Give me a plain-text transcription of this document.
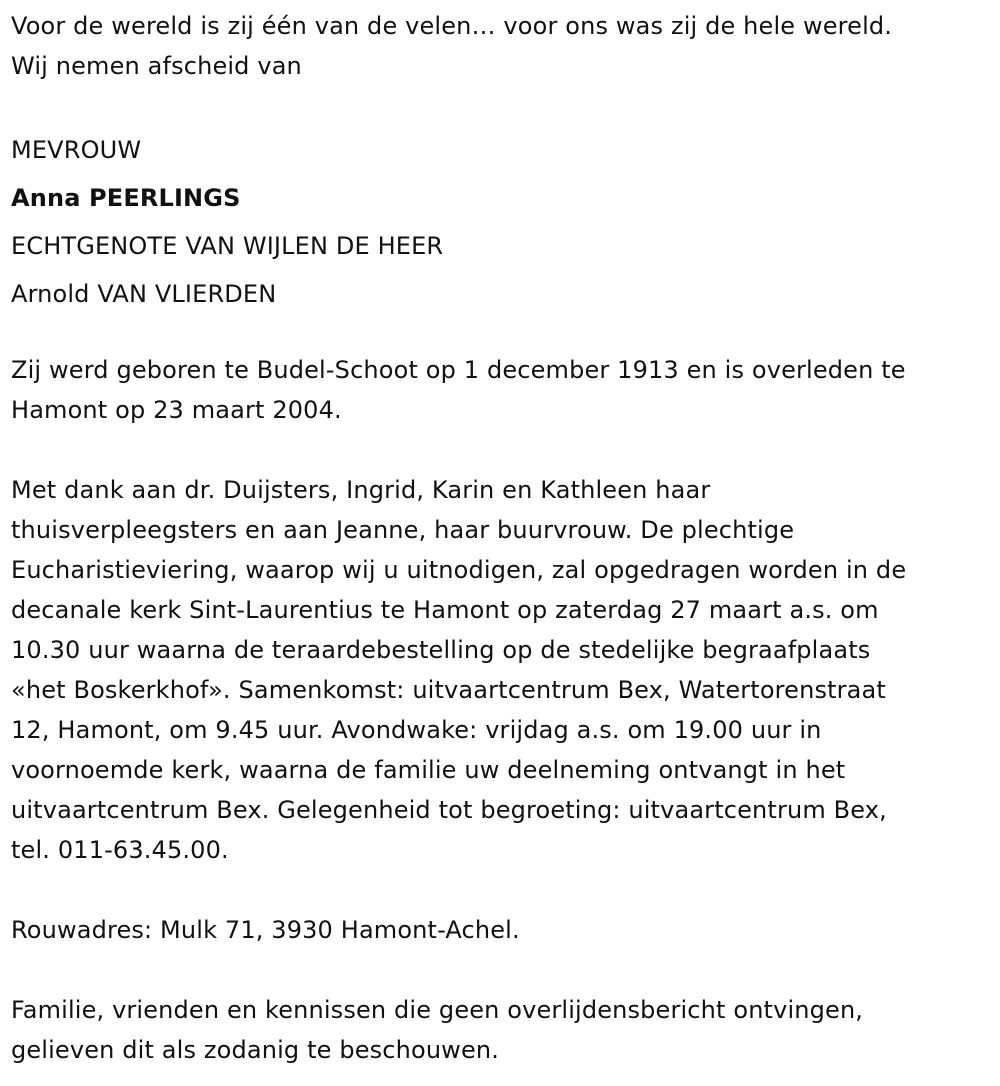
Voor de wereld is zij één van de velen… voor ons was zij de hele wereld.
Wij nemen afscheid van

MEVROUW
Anna PEERLINGS
ECHTGENOTE VAN WIJLEN DE HEER
Arnold VAN VLIERDEN

Zij werd geboren te Budel-Schoot op 1 december 1913 en is overleden te
Hamont op 23 maart 2004.

Met dank aan dr. Duijsters, Ingrid, Karin en Kathleen haar
thuisverpleegsters en aan Jeanne, haar buurvrouw. De plechtige
Eucharistieviering, waarop wij u uitnodigen, zal opgedragen worden in de
decanale kerk Sint-Laurentius te Hamont op zaterdag 27 maart a.s. om
10.30 uur waarna de teraardebestelling op de stedelijke begraafplaats
«het Boskerkhof». Samenkomst: uitvaartcentrum Bex, Watertorenstraat
12, Hamont, om 9.45 uur. Avondwake: vrijdag a.s. om 19.00 uur in
voornoemde kerk, waarna de familie uw deelneming ontvangt in het
uitvaartcentrum Bex. Gelegenheid tot begroeting: uitvaartcentrum Bex,
tel. 011-63.45.00.

Rouwadres: Mulk 71, 3930 Hamont-Achel.

Familie, vrienden en kennissen die geen overlijdensbericht ontvingen,
gelieven dit als zodanig te beschouwen.
